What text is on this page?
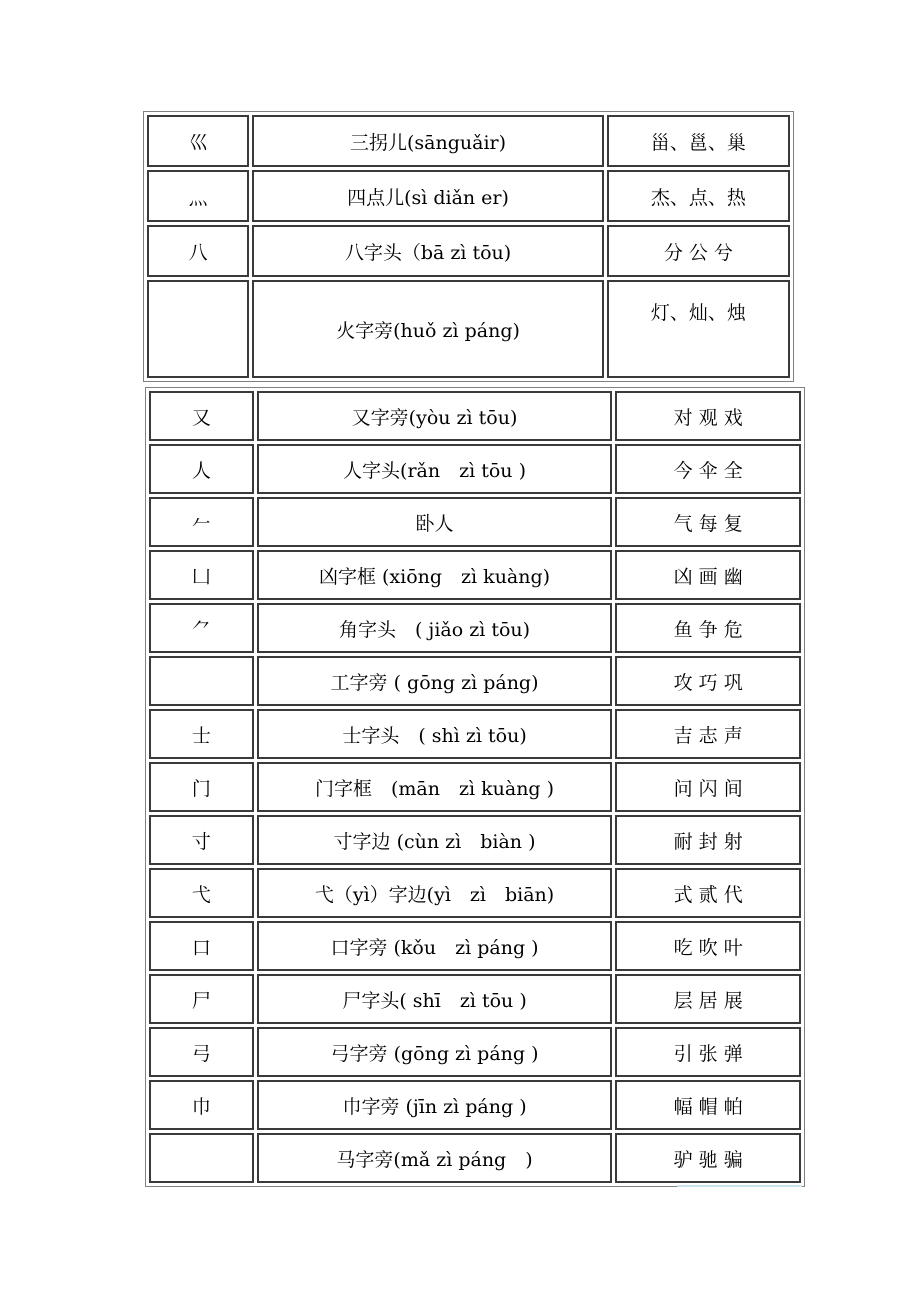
巛	三拐儿(sānguǎir)	甾、邕、巢
灬	四点儿(sì diǎn er)	杰、点、热
八	八字头（bā zì tōu)	分 公 兮
	火字旁(huǒ zì páng)	灯、灿、烛
又	又字旁(yòu zì tōu)	对 观 戏
人	人字头(rǎn　zì tōu )	今 伞 全
𠂉	卧人	气 每 复
凵	凶字框 (xiōng　zì kuàng)	凶 画 幽
⺈	角字头　( jiǎo zì tōu)	鱼 争 危
	工字旁 ( gōng zì páng)	攻 巧 巩
士	士字头　( shì zì tōu)	吉 志 声
门	门字框　(mān　zì kuàng )	问 闪 间
寸	寸字边 (cùn zì　biàn )	耐 封 射
弋	弋（yì）字边(yì　zì　biān)	式 贰 代
口	口字旁 (kǒu　zì páng )	吃 吹 叶
尸	尸字头( shī　zì tōu )	层 居 展
弓	弓字旁 (gōng zì páng )	引 张 弹
巾	巾字旁 (jīn zì páng )	幅 帽 帕
	马字旁(mǎ zì páng　)	驴 驰 骗
